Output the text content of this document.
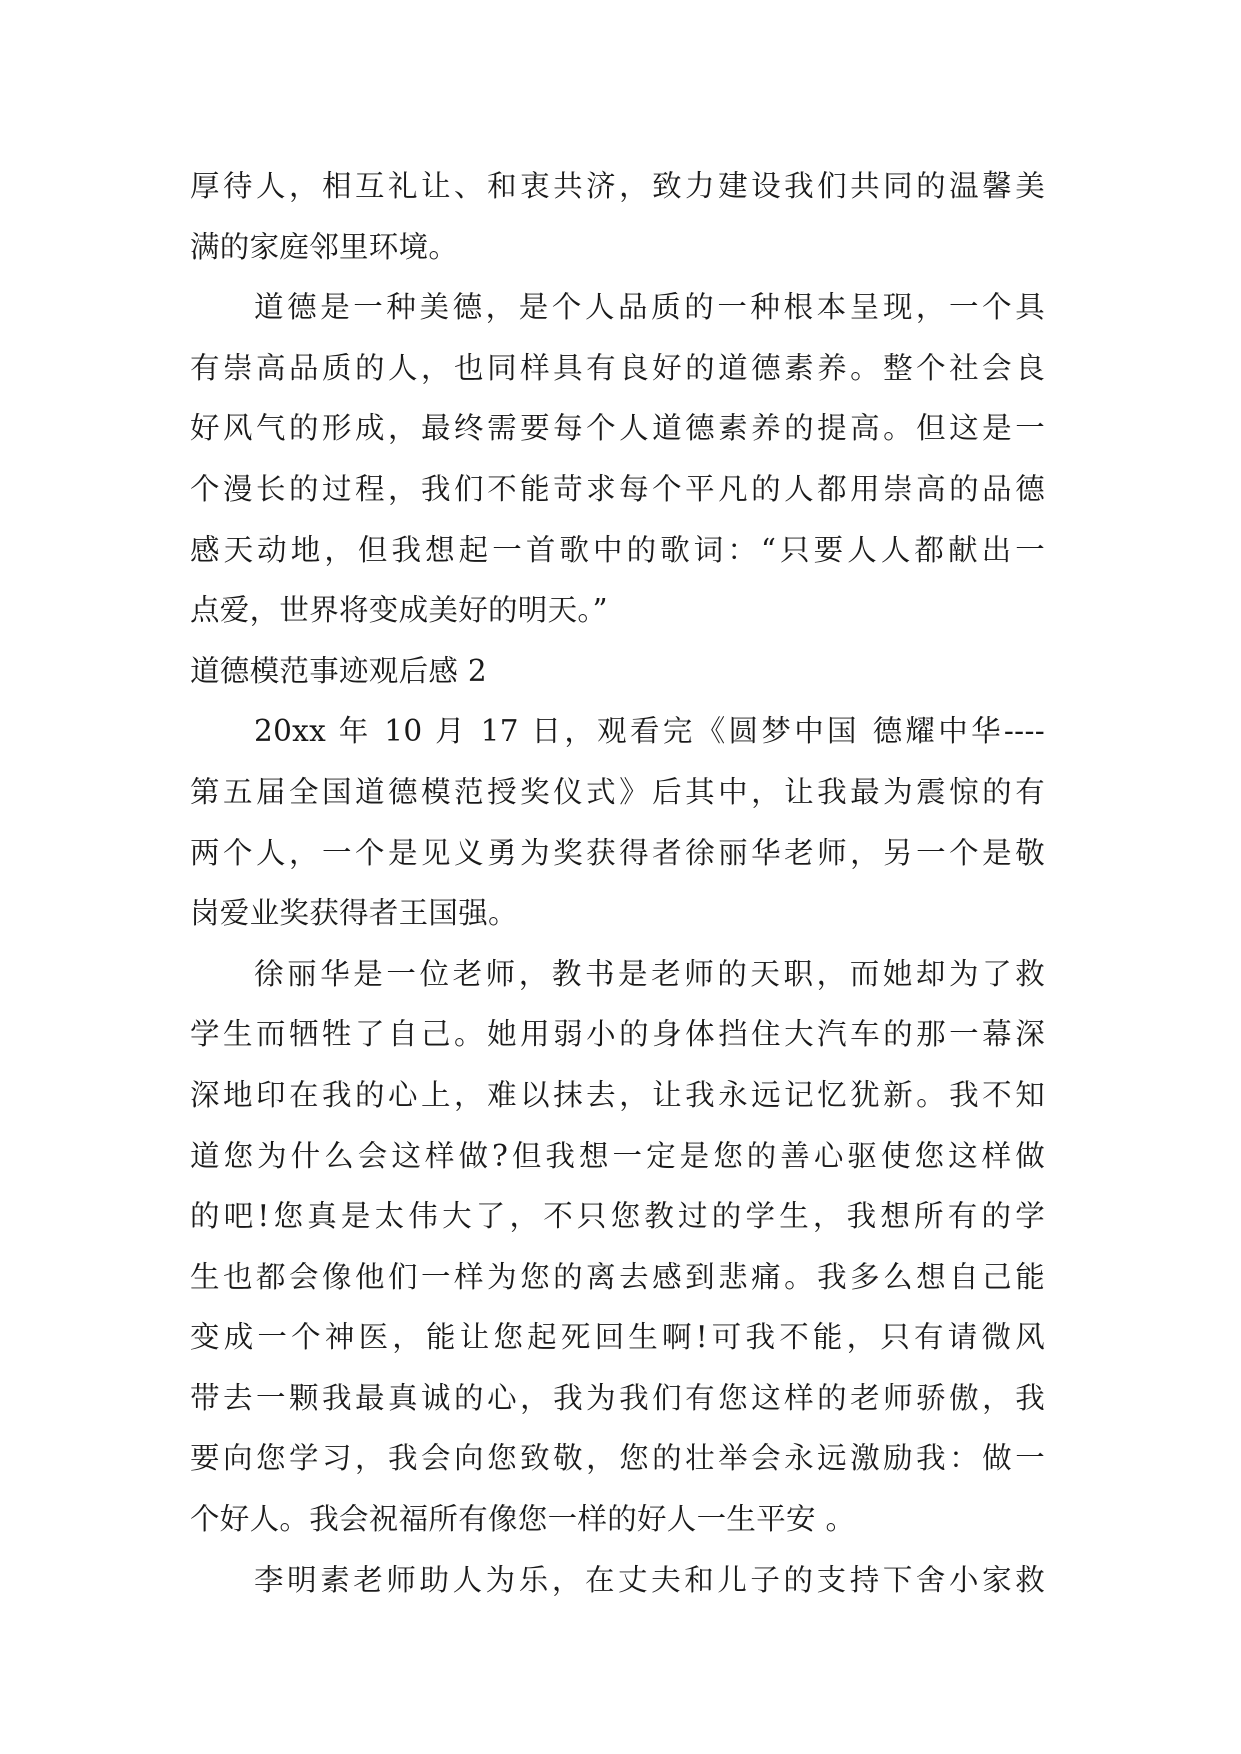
厚待人，相互礼让、和衷共济，致力建设我们共同的温馨美
满的家庭邻里环境。
道德是一种美德，是个人品质的一种根本呈现，一个具
有崇高品质的人，也同样具有良好的道德素养。整个社会良
好风气的形成，最终需要每个人道德素养的提高。但这是一
个漫长的过程，我们不能苛求每个平凡的人都用崇高的品德
感天动地，但我想起一首歌中的歌词：“只要人人都献出一
点爱，世界将变成美好的明天。”
道德模范事迹观后感 2
20xx 年 10 月 17 日，观看完《圆梦中国 德耀中华----
第五届全国道德模范授奖仪式》后其中，让我最为震惊的有
两个人，一个是见义勇为奖获得者徐丽华老师，另一个是敬
岗爱业奖获得者王国强。
徐丽华是一位老师，教书是老师的天职，而她却为了救
学生而牺牲了自己。她用弱小的身体挡住大汽车的那一幕深
深地印在我的心上，难以抹去，让我永远记忆犹新。我不知
道您为什么会这样做?但我想一定是您的善心驱使您这样做
的吧!您真是太伟大了，不只您教过的学生，我想所有的学
生也都会像他们一样为您的离去感到悲痛。我多么想自己能
变成一个神医，能让您起死回生啊!可我不能，只有请微风
带去一颗我最真诚的心，我为我们有您这样的老师骄傲，我
要向您学习，我会向您致敬，您的壮举会永远激励我：做一
个好人。我会祝福所有像您一样的好人一生平安 。
李明素老师助人为乐，在丈夫和儿子的支持下舍小家救
